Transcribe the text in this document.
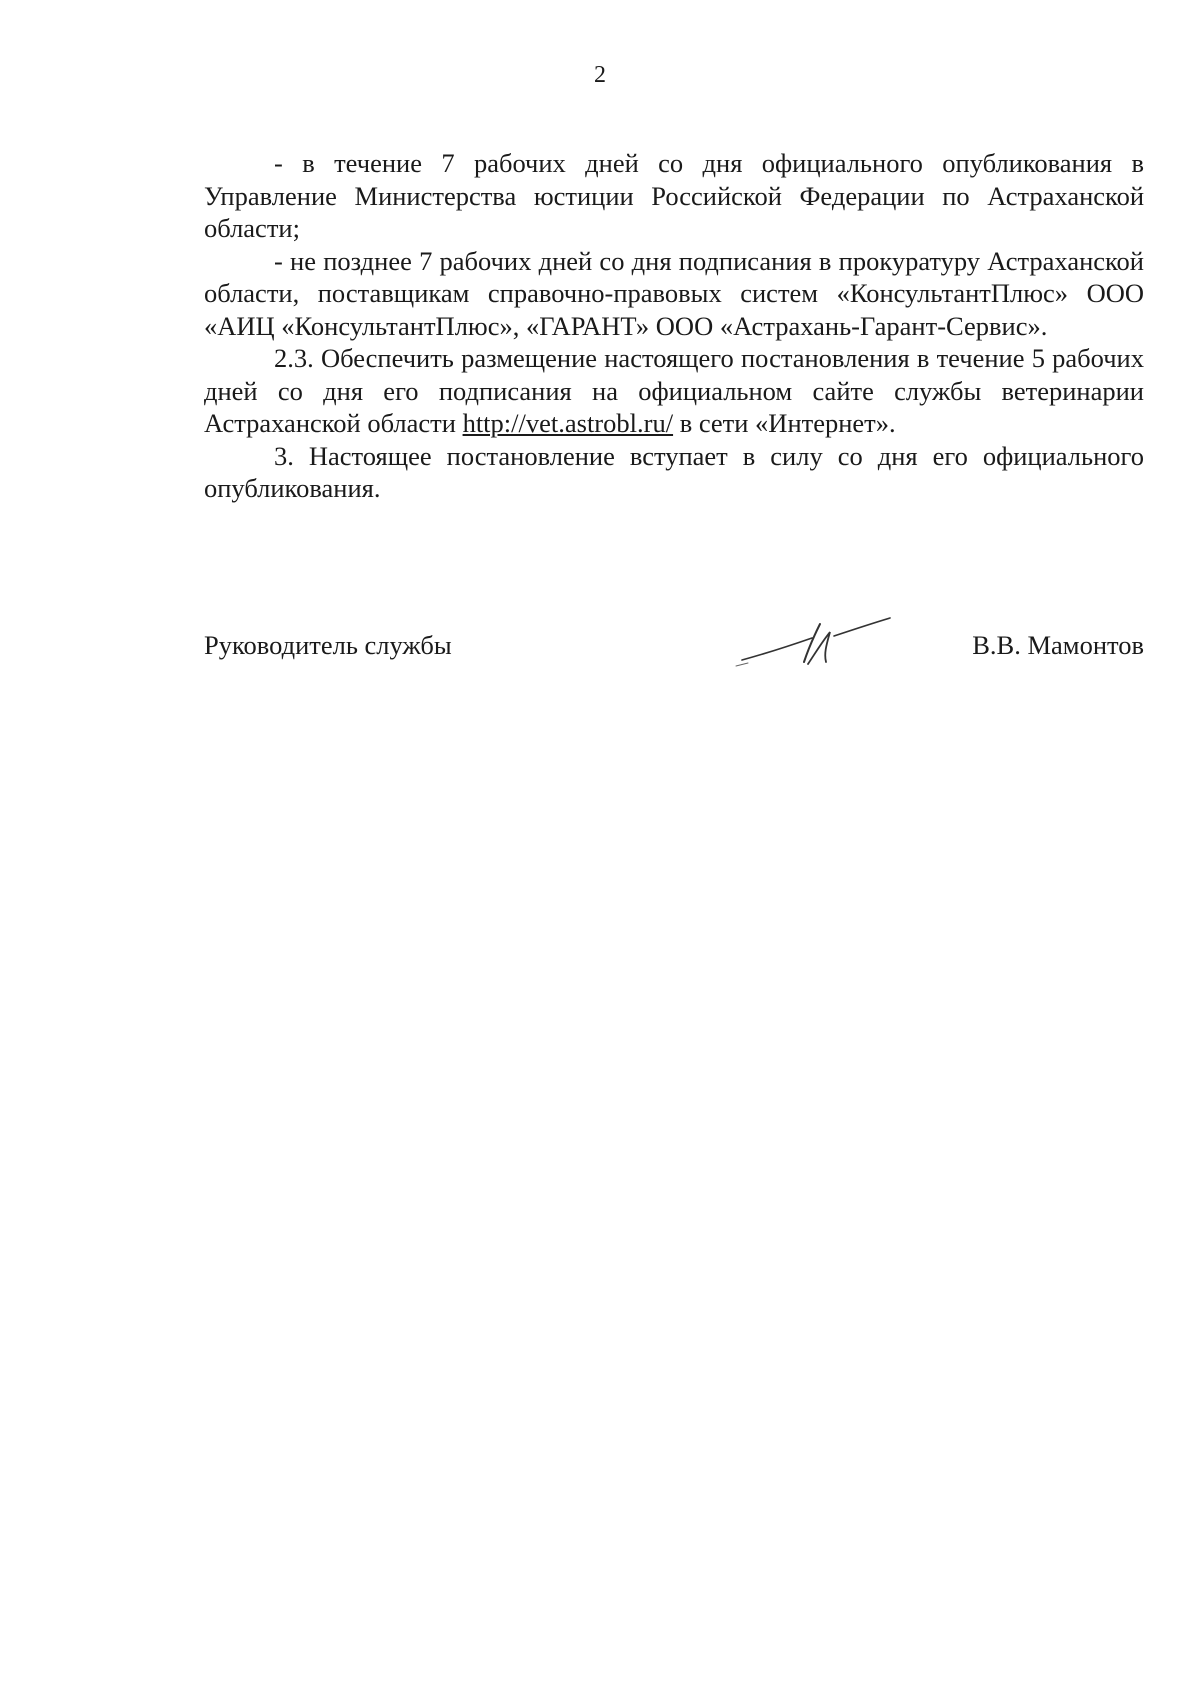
2

- в течение 7 рабочих дней со дня официального опубликования в Управление Министерства юстиции Российской Федерации по Астраханской области;

- не позднее 7 рабочих дней со дня подписания в прокуратуру Астраханской области, поставщикам справочно-правовых систем «КонсультантПлюс» ООО «АИЦ «КонсультантПлюс», «ГАРАНТ» ООО «Астрахань-Гарант-Сервис».

2.3. Обеспечить размещение настоящего постановления в течение 5 рабочих дней со дня его подписания на официальном сайте службы ветеринарии Астраханской области http://vet.astrobl.ru/ в сети «Интернет».

3. Настоящее постановление вступает в силу со дня его официального опубликования.

Руководитель службы	В.В. Мамонтов
